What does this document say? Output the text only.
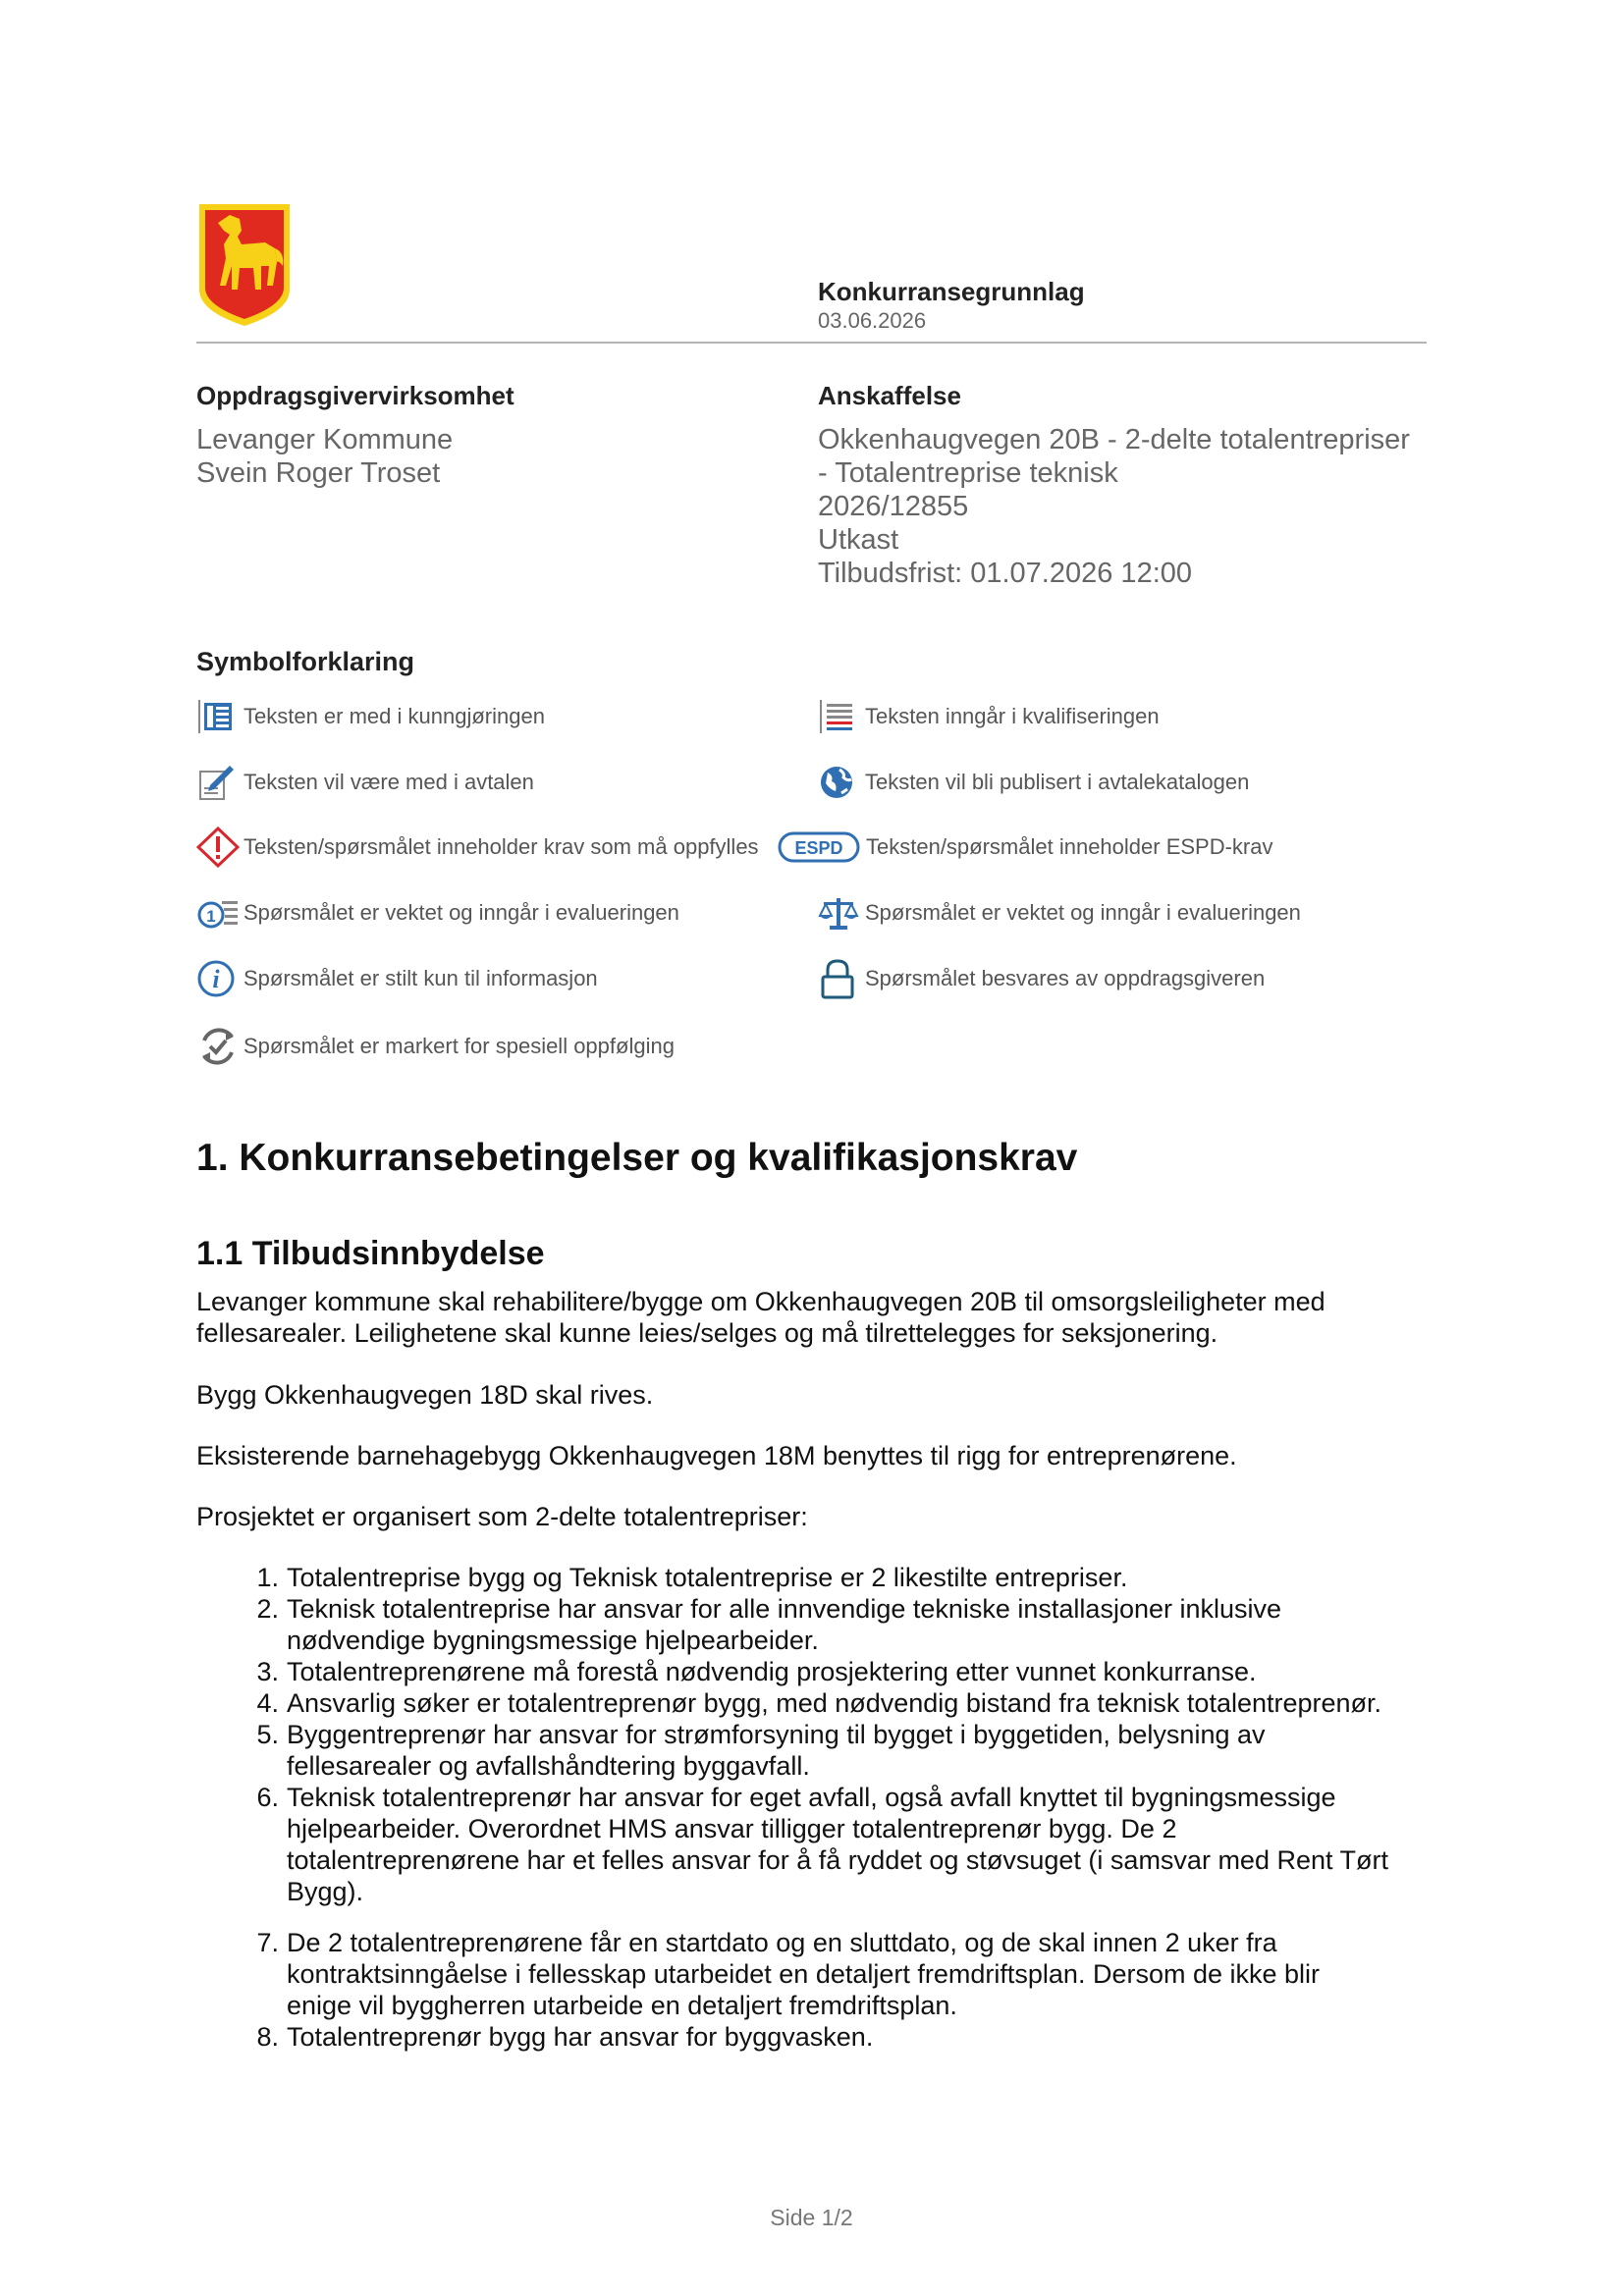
Konkurransegrunnlag
03.06.2026
Oppdragsgivervirksomhet
Levanger Kommune
Svein Roger Troset
Anskaffelse
Okkenhaugvegen 20B - 2-delte totalentrepriser
- Totalentreprise teknisk
2026/12855
Utkast
Tilbudsfrist: 01.07.2026 12:00
Symbolforklaring
Teksten er med i kunngjøringen	Teksten inngår i kvalifiseringen
Teksten vil være med i avtalen	Teksten vil bli publisert i avtalekatalogen
Teksten/spørsmålet inneholder krav som må oppfylles ESPD Teksten/spørsmålet inneholder ESPD-krav
1 Spørsmålet er vektet og inngår i evalueringen	Spørsmålet er vektet og inngår i evalueringen
i Spørsmålet er stilt kun til informasjon	Spørsmålet besvares av oppdragsgiveren
Spørsmålet er markert for spesiell oppfølging
1. Konkurransebetingelser og kvalifikasjonskrav
1.1 Tilbudsinnbydelse

Levanger kommune skal rehabilitere/bygge om Okkenhaugvegen 20B til omsorgsleiligheter med fellesarealer. Leilighetene skal kunne leies/selges og må tilrettelegges for seksjonering.

Bygg Okkenhaugvegen 18D skal rives.

Eksisterende barnehagebygg Okkenhaugvegen 18M benyttes til rigg for entreprenørene.

Prosjektet er organisert som 2-delte totalentrepriser:

1. Totalentreprise bygg og Teknisk totalentreprise er 2 likestilte entrepriser.
2. Teknisk totalentreprise har ansvar for alle innvendige tekniske installasjoner inklusive
nødvendige bygningsmessige hjelpearbeider.
3. Totalentreprenørene må forestå nødvendig prosjektering etter vunnet konkurranse.
4. Ansvarlig søker er totalentreprenør bygg, med nødvendig bistand fra teknisk totalentreprenør.
5. Byggentreprenør har ansvar for strømforsyning til bygget i byggetiden, belysning av
fellesarealer og avfallshåndtering byggavfall.
6. Teknisk totalentreprenør har ansvar for eget avfall, også avfall knyttet til bygningsmessige
hjelpearbeider. Overordnet HMS ansvar tilligger totalentreprenør bygg. De 2
totalentreprenørene har et felles ansvar for å få ryddet og støvsuget (i samsvar med Rent Tørt
Bygg).
7. De 2 totalentreprenørene får en startdato og en sluttdato, og de skal innen 2 uker fra
kontraktsinngåelse i fellesskap utarbeidet en detaljert fremdriftsplan. Dersom de ikke blir
enige vil byggherren utarbeide en detaljert fremdriftsplan.
8. Totalentreprenør bygg har ansvar for byggvasken.
Side 1/2
